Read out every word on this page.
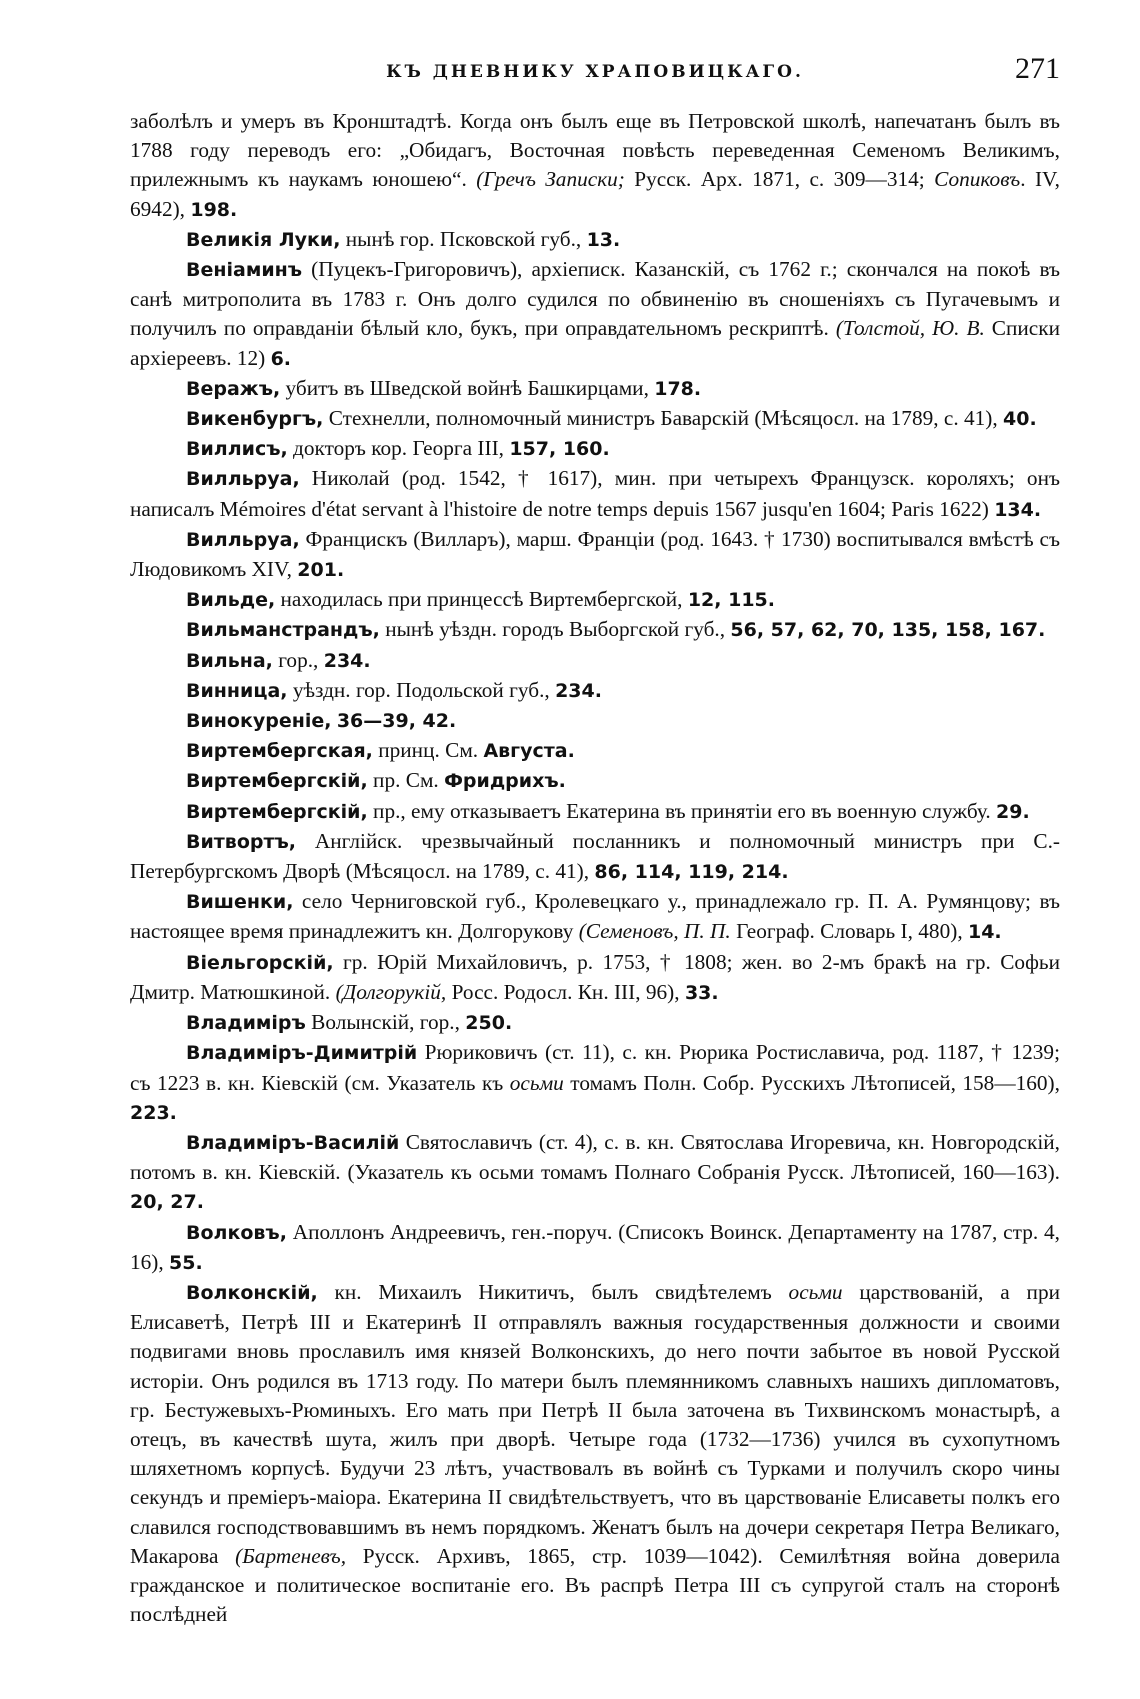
КЪ ДНЕВНИКУ ХРАПОВИЦКАГО.	271

заболѣлъ и умеръ въ Кронштадтѣ. Когда онъ былъ еще въ Петровской школѣ, напечатанъ былъ въ 1788 году переводъ его: „Обидагъ, Восточная повѣсть переведенная Семеномъ Великимъ, прилежнымъ къ наукамъ юношею“. (Гречъ Записки; Русск. Арх. 1871, с. 309—314; Сопиковъ. IV, 6942), 198.

Великія Луки, нынѣ гор. Псковской губ., 13.

Веніаминъ (Пуцекъ-Григоровичъ), архіеписк. Казанскій, съ 1762 г.; скончался на покоѣ въ санѣ митрополита въ 1783 г. Онъ долго судился по обвиненію въ сношеніяхъ съ Пугачевымъ и получилъ по оправданіи бѣлый кло, букъ, при оправдательномъ рескриптѣ. (Толстой, Ю. В. Списки архіереевъ. 12) 6.

Веражъ, убитъ въ Шведской войнѣ Башкирцами, 178.

Викенбургъ, Стехнелли, полномочный министръ Баварскій (Мѣсяцосл. на 1789, с. 41), 40.

Виллисъ, докторъ кор. Георга III, 157, 160.

Вилльруа, Николай (род. 1542, † 1617), мин. при четырехъ Французск. короляхъ; онъ написалъ Mémoires d'état servant à l'histoire de notre temps depuis 1567 jusqu'en 1604; Paris 1622) 134.

Вилльруа, Францискъ (Вилларъ), марш. Франціи (род. 1643. † 1730) воспитывался вмѣстѣ съ Людовикомъ XIV, 201.

Вильде, находилась при принцессѣ Виртембергской, 12, 115.

Вильманстрандъ, нынѣ уѣздн. городъ Выборгской губ., 56, 57, 62, 70, 135, 158, 167.

Вильна, гор., 234.

Винница, уѣздн. гор. Подольской губ., 234.

Винокуреніе, 36—39, 42.

Виртембергская, принц. См. Августа.

Виртембергскій, пр. См. Фридрихъ.

Виртембергскій, пр., ему отказываетъ Екатерина въ принятіи его въ военную службу. 29.

Витвортъ, Англійск. чрезвычайный посланникъ и полномочный министръ при С.-Петербургскомъ Дворѣ (Мѣсяцосл. на 1789, с. 41), 86, 114, 119, 214.

Вишенки, село Черниговской губ., Кролевецкаго у., принадлежало гр. П. А. Румянцову; въ настоящее время принадлежитъ кн. Долгорукову (Семеновъ, П. П. Географ. Словарь I, 480), 14.

Віельгорскій, гр. Юрій Михайловичъ, р. 1753, † 1808; жен. во 2-мъ бракѣ на гр. Софьи Дмитр. Матюшкиной. (Долгорукій, Росс. Родосл. Кн. III, 96), 33.

Владиміръ Волынскій, гор., 250.

Владиміръ-Димитрій Рюриковичъ (ст. 11), с. кн. Рюрика Ростиславича, род. 1187, † 1239; съ 1223 в. кн. Кіевскій (см. Указатель къ осьми томамъ Полн. Собр. Русскихъ Лѣтописей, 158—160), 223.

Владиміръ-Василій Святославичъ (ст. 4), с. в. кн. Святослава Игоревича, кн. Новгородскій, потомъ в. кн. Кіевскій. (Указатель къ осьми томамъ Полнаго Собранія Русск. Лѣтописей, 160—163). 20, 27.

Волковъ, Аполлонъ Андреевичъ, ген.-поруч. (Списокъ Воинск. Департаменту на 1787, стр. 4, 16), 55.

Волконскій, кн. Михаилъ Никитичъ, былъ свидѣтелемъ осьми царствованій, а при Елисаветѣ, Петрѣ III и Екатеринѣ II отправлялъ важныя государственныя должности и своими подвигами вновь прославилъ имя князей Волконскихъ, до него почти забытое въ новой Русской исторіи. Онъ родился въ 1713 году. По матери былъ племянникомъ славныхъ нашихъ дипломатовъ, гр. Бестужевыхъ-Рюминыхъ. Его мать при Петрѣ II была заточена въ Тихвинскомъ монастырѣ, а отецъ, въ качествѣ шута, жилъ при дворѣ. Четыре года (1732—1736) учился въ сухопутномъ шляхетномъ корпусѣ. Будучи 23 лѣтъ, участвовалъ въ войнѣ съ Турками и получилъ скоро чины секундъ и преміеръ-маіора. Екатерина II свидѣтельствуетъ, что въ царствованіе Елисаветы полкъ его славился господствовавшимъ въ немъ порядкомъ. Женатъ былъ на дочери секретаря Петра Великаго, Макарова (Бартеневъ, Русск. Архивъ, 1865, стр. 1039—1042). Семилѣтняя война доверила гражданское и политическое воспитаніе его. Въ распрѣ Петра III съ супругой сталъ на сторонѣ послѣдней
